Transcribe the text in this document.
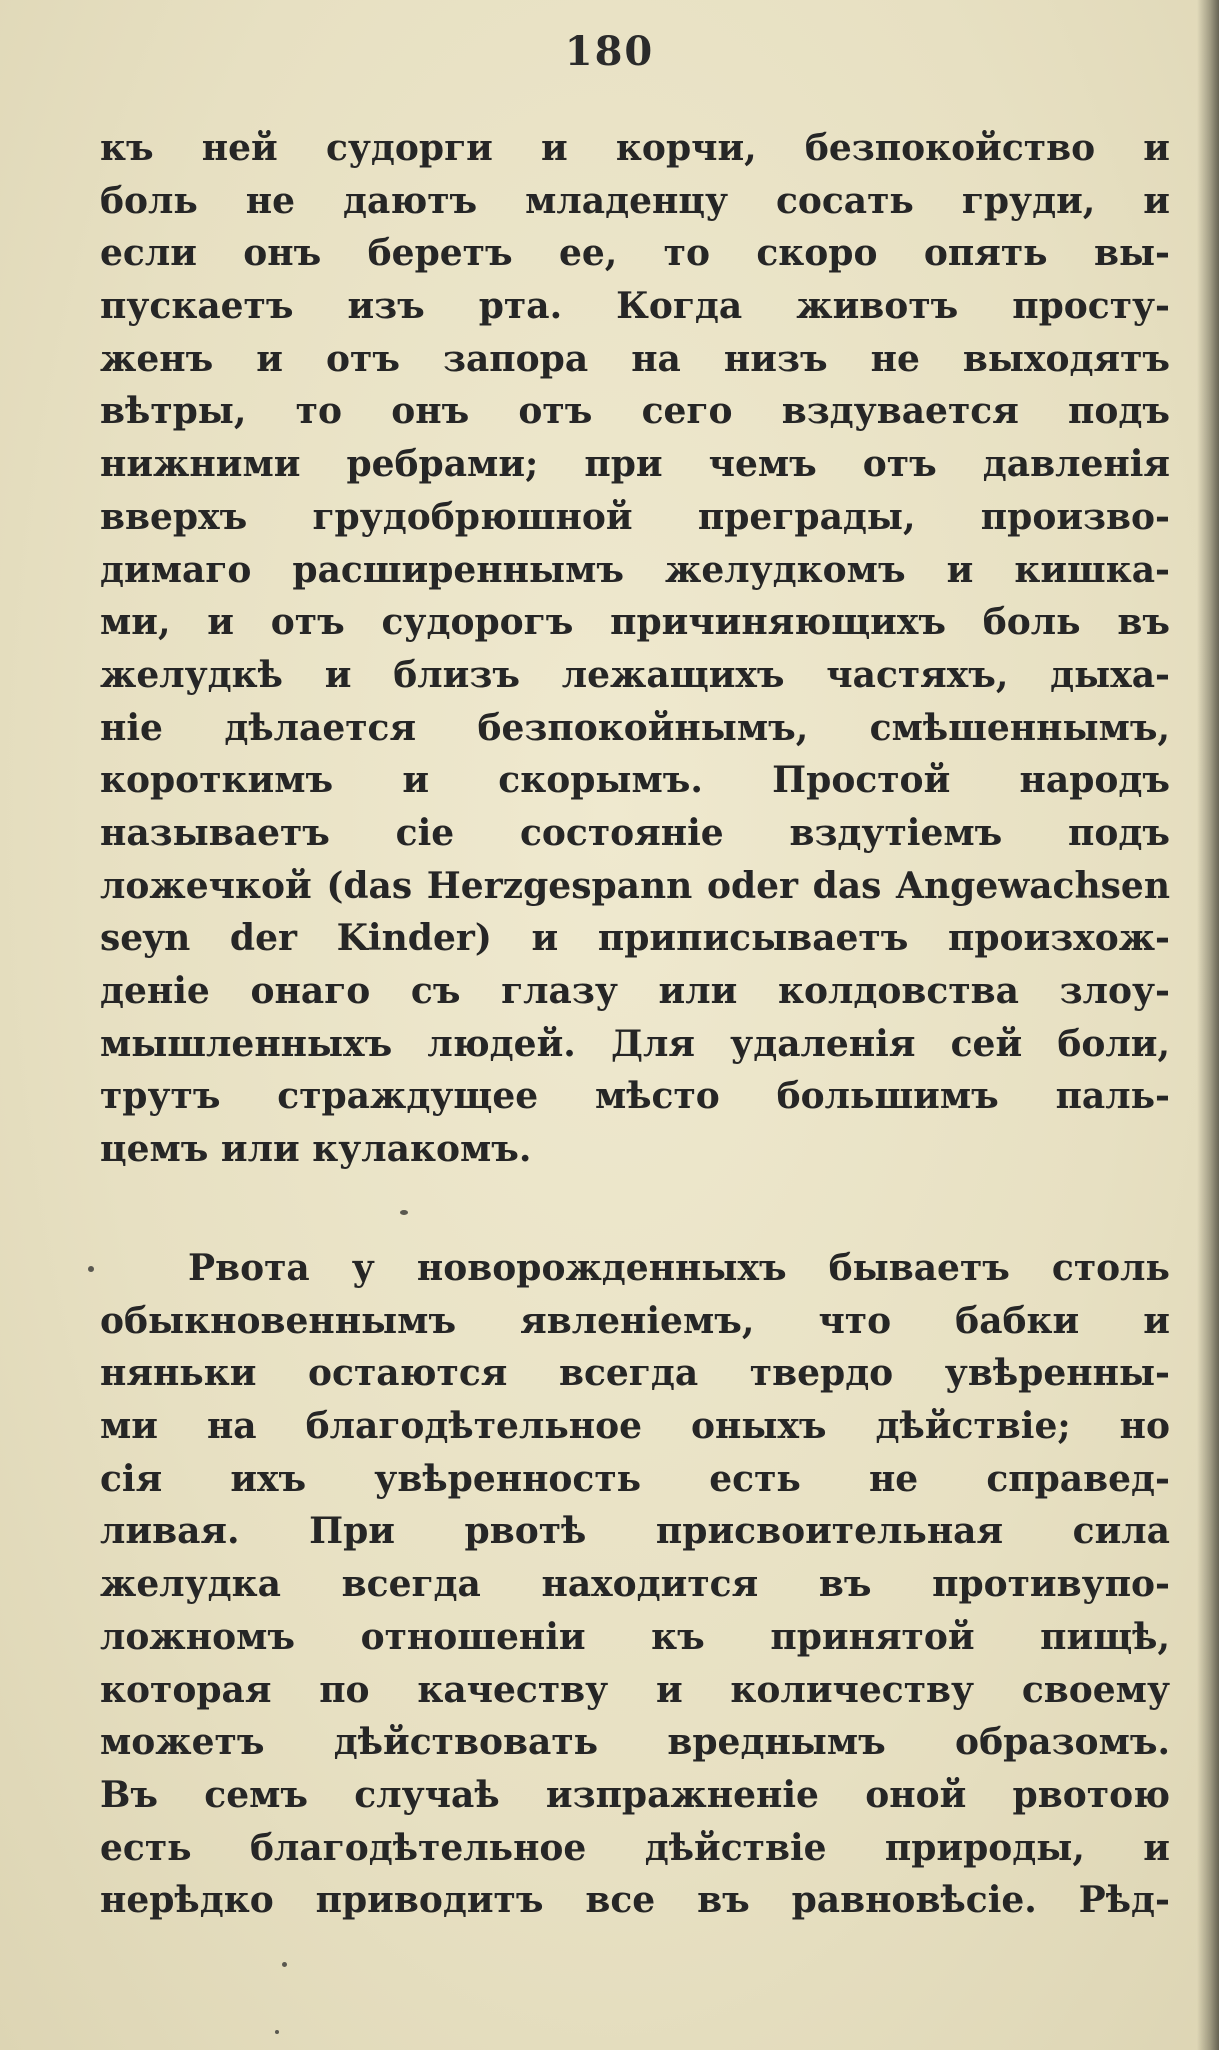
180
къ ней судорги и корчи, безпокойство и
боль не даютъ младенцу сосать груди, и
если онъ беретъ ее, то скоро опять вы-
пускаетъ изъ рта. Когда животъ просту-
женъ и отъ запора на низъ не выходятъ
вѣтры, то онъ отъ сего вздувается подъ
нижними ребрами; при чемъ отъ давленія
вверхъ грудобрюшной преграды, произво-
димаго расширеннымъ желудкомъ и кишка-
ми, и отъ судорогъ причиняющихъ боль въ
желудкѣ и близъ лежащихъ частяхъ, дыха-
ніе дѣлается безпокойнымъ, смѣшеннымъ,
короткимъ и скорымъ. Простой народъ
называетъ сіе состояніе вздутіемъ подъ
ложечкой (das Herzgespann oder das Angewachsen
seyn der Kinder) и приписываетъ произхож-
деніе онаго съ глазу или колдовства злоу-
мышленныхъ людей. Для удаленія сей боли,
трутъ страждущее мѣсто большимъ паль-
цемъ или кулакомъ.
Рвота у новорожденныхъ бываетъ столь
обыкновеннымъ явленіемъ, что бабки и
няньки остаются всегда твердо увѣренны-
ми на благодѣтельное оныхъ дѣйствіе; но
сія ихъ увѣренность есть не справед-
ливая. При рвотѣ присвоительная сила
желудка всегда находится въ противупо-
ложномъ отношеніи къ принятой пищѣ,
которая по качеству и количеству своему
можетъ дѣйствовать вреднымъ образомъ.
Въ семъ случаѣ изпражненіе оной рвотою
есть благодѣтельное дѣйствіе природы, и
нерѣдко приводитъ все въ равновѣсіе. Рѣд-
